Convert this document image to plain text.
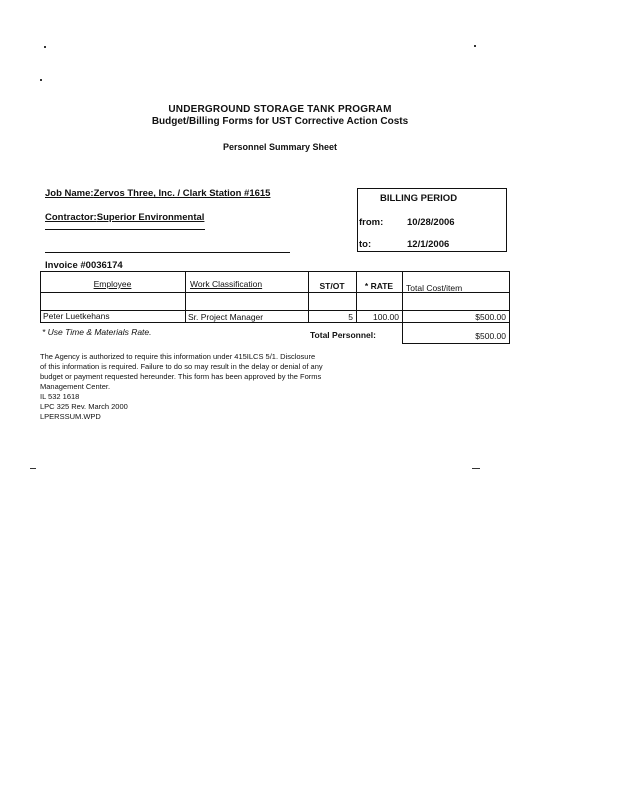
UNDERGROUND STORAGE TANK PROGRAM
Budget/Billing Forms for UST Corrective Action Costs
Personnel Summary Sheet
Job Name:Zervos Three, Inc. / Clark Station #1615
Contractor:Superior Environmental
Invoice #0036174
BILLING PERIOD
from: 10/28/2006
to:	12/1/2006
Employee	Work Classification	ST/OT	* RATE	Total Cost/item
Peter Luetkehans	Sr. Project Manager	5	100.00	$500.00
* Use Time & Materials Rate.	Total Personnel:	$500.00
The Agency is authorized to require this information under 415ILCS 5/1. Disclosure
of this information is required. Failure to do so may result in the delay or denial of any
budget or payment requested hereunder. This form has been approved by the Forms
Management Center.
IL 532 1618
LPC 325 Rev. March 2000
LPERSSUM.WPD
